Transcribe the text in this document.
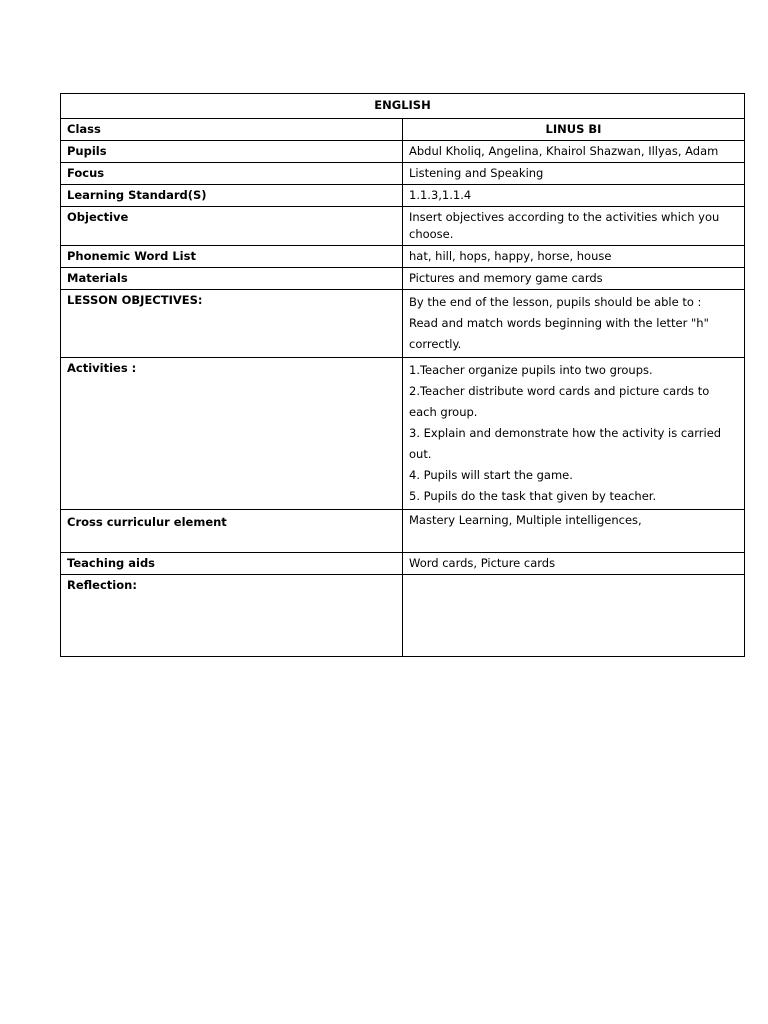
ENGLISH	
Class	LINUS BI
Pupils	Abdul Kholiq, Angelina, Khairol Shazwan, Illyas, Adam
Focus	Listening and Speaking
Learning Standard(S)	1.1.3,1.1.4
Objective	Insert objectives according to the activities which you choose.
Phonemic Word List	hat, hill, hops, happy, horse, house
Materials	Pictures and memory game cards
LESSON OBJECTIVES:	By the end of the lesson, pupils should be able to :
Read and match words beginning with the letter "h" correctly.

Activities :	1.Teacher organize pupils into two groups.
2.Teacher distribute word cards and picture cards to each group.
3. Explain and demonstrate how the activity is carried out.
4. Pupils will start the game.
5. Pupils do the task that given by teacher.

Cross curriculur element	Mastery Learning, Multiple intelligences,
Teaching aids	Word cards, Picture cards
Reflection:	
